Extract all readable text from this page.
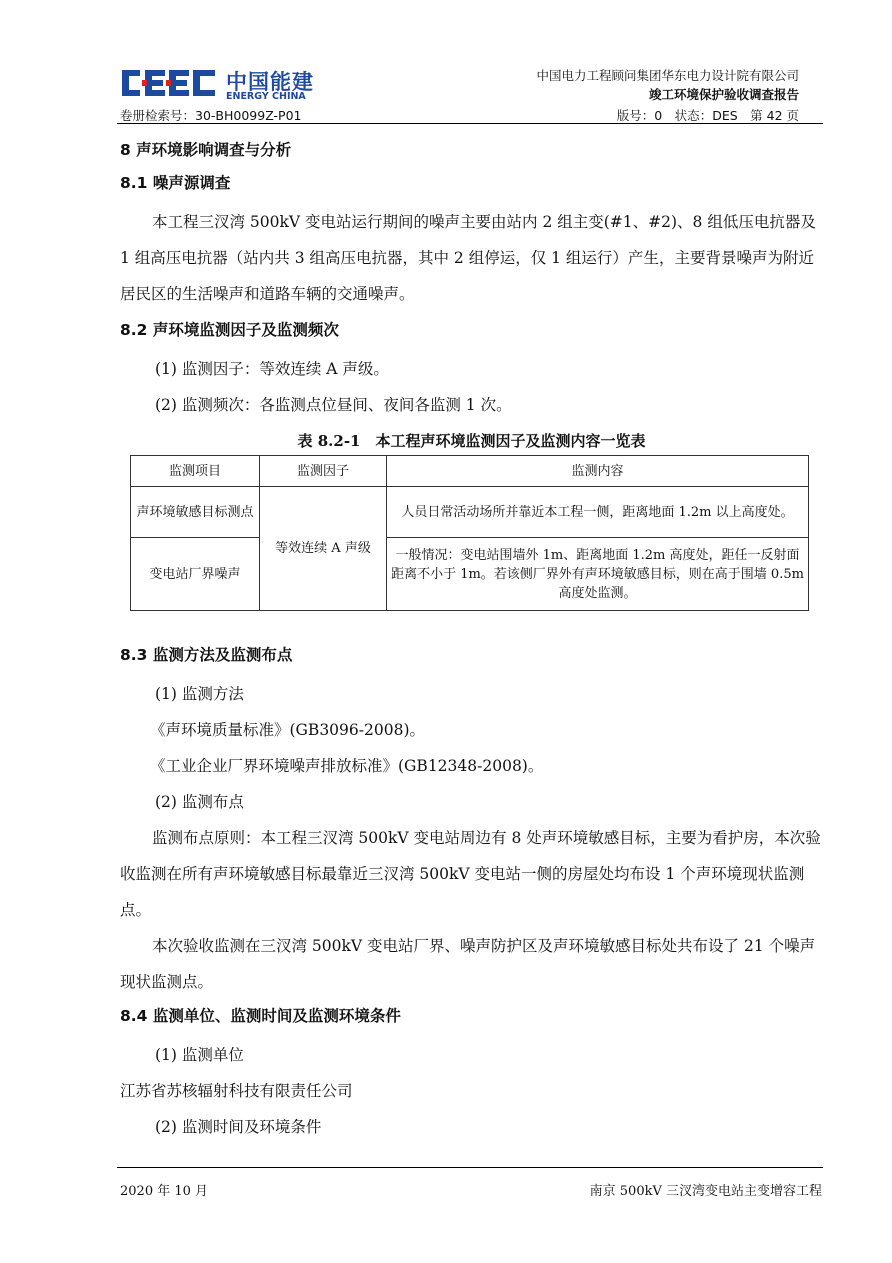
中国能建
ENERGY CHINA
中国电力工程顾问集团华东电力设计院有限公司
竣工环境保护验收调查报告
卷册检索号：30-BH0099Z-P01	版号：0　状态：DES　第 42 页
8 声环境影响调查与分析
8.1 噪声源调查

本工程三汊湾 500kV 变电站运行期间的噪声主要由站内 2 组主变(#1、#2)、8 组低压电抗器及 1 组高压电抗器（站内共 3 组高压电抗器，其中 2 组停运，仅 1 组运行）产生，主要背景噪声为附近居民区的生活噪声和道路车辆的交通噪声。

8.2 声环境监测因子及监测频次

(1) 监测因子：等效连续 A 声级。

(2) 监测频次：各监测点位昼间、夜间各监测 1 次。

表 8.2-1　本工程声环境监测因子及监测内容一览表
监测项目	监测因子	监测内容
声环境敏感目标测点	等效连续 A 声级	人员日常活动场所并靠近本工程一侧，距离地面 1.2m 以上高度处。
变电站厂界噪声		一般情况：变电站围墙外 1m、距离地面 1.2m 高度处，距任一反射面距离不小于 1m。若该侧厂界外有声环境敏感目标，则在高于围墙 0.5m 高度处监测。
8.3 监测方法及监测布点

(1) 监测方法

《声环境质量标准》(GB3096-2008)。

《工业企业厂界环境噪声排放标准》(GB12348-2008)。

(2) 监测布点

监测布点原则：本工程三汊湾 500kV 变电站周边有 8 处声环境敏感目标，主要为看护房，本次验收监测在所有声环境敏感目标最靠近三汊湾 500kV 变电站一侧的房屋处均布设 1 个声环境现状监测点。

本次验收监测在三汊湾 500kV 变电站厂界、噪声防护区及声环境敏感目标处共布设了 21 个噪声现状监测点。

8.4 监测单位、监测时间及监测环境条件

(1) 监测单位

江苏省苏核辐射科技有限责任公司

(2) 监测时间及环境条件

2020 年 10 月	南京 500kV 三汊湾变电站主变增容工程
